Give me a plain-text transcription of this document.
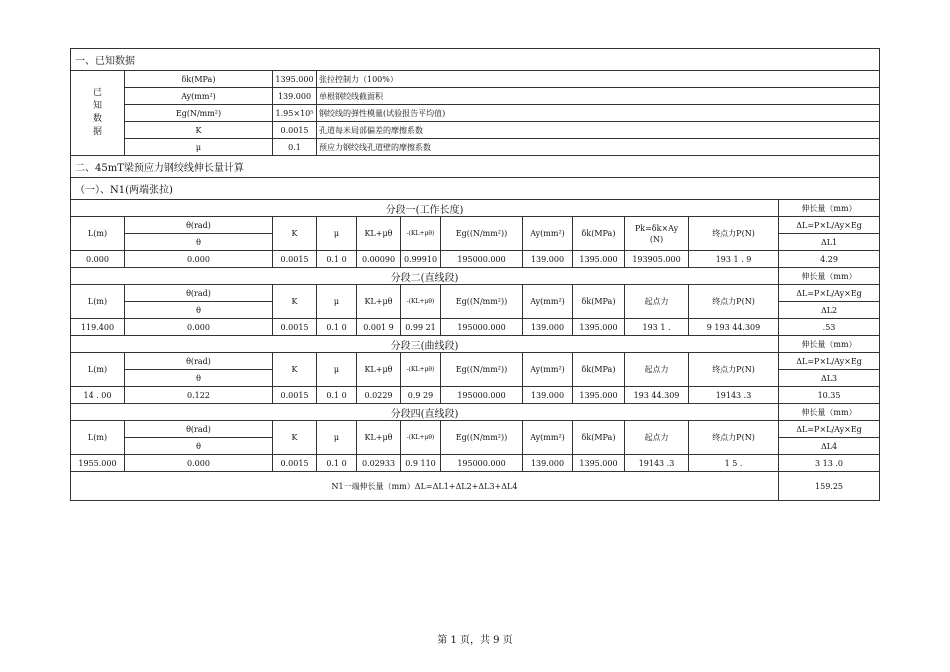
一、已知数据											

已
知
数
据	δk(MPa)	1395.000	张拉控制力（100%）								
	Ay(mm²)	139.000	单根钢绞线截面积								
	Eg(N/mm²)	1.95×10⁵	钢绞线的弹性模量(试验报告平均值)								
	K	0.0015	孔道每米局部偏差的摩擦系数								
	μ	0.1	预应力钢绞线孔道壁的摩擦系数								
二、45mT梁预应力钢绞线伸长量计算											
（一）、N1(两端张拉)											
分段一(工作长度)											伸长量（mm）
L(m)	θ(rad)	K	μ	KL+μθ	-(KL+μθ)	Eg((N/mm²))	Ay(mm²)	δk(MPa)	Pk=δk×Ay (N)	终点力P(N)	ΔL=P×L/Ay×Eg
	θ										ΔL1
0.000	0.000	0.0015	0.1 0	0.00090	0.99910	195000.000	139.000	1395.000	193905.000	193 1 . 9	4.29
分段二(直线段)											伸长量（mm）
L(m)	θ(rad)	K	μ	KL+μθ	-(KL+μθ)	Eg((N/mm²))	Ay(mm²)	δk(MPa)	起点力	终点力P(N)	ΔL=P×L/Ay×Eg
	θ										ΔL2
119.400	0.000	0.0015	0.1 0	0.001 9	0.99 21	195000.000	139.000	1395.000	193 1 .	9 193 44.309	.53
分段三(曲线段)											伸长量（mm）
L(m)	θ(rad)	K	μ	KL+μθ	-(KL+μθ)	Eg((N/mm²))	Ay(mm²)	δk(MPa)	起点力	终点力P(N)	ΔL=P×L/Ay×Eg
	θ										ΔL3
14 . 00	0.122	0.0015	0.1 0	0.0229	0.9 29	195000.000	139.000	1395.000	193 44.309	19143 .3	10.35
分段四(直线段)											伸长量（mm）
L(m)	θ(rad)	K	μ	KL+μθ	-(KL+μθ)	Eg((N/mm²))	Ay(mm²)	δk(MPa)	起点力	终点力P(N)	ΔL=P×L/Ay×Eg
	θ										ΔL4
1955.000	0.000	0.0015	0.1 0	0.02933	0.9 110	195000.000	139.000	1395.000	19143 .3	1 5 .	3 13 .0
N1一端伸长量（mm）ΔL=ΔL1+ΔL2+ΔL3+ΔL4											159.25
第 1 页，共 9 页
